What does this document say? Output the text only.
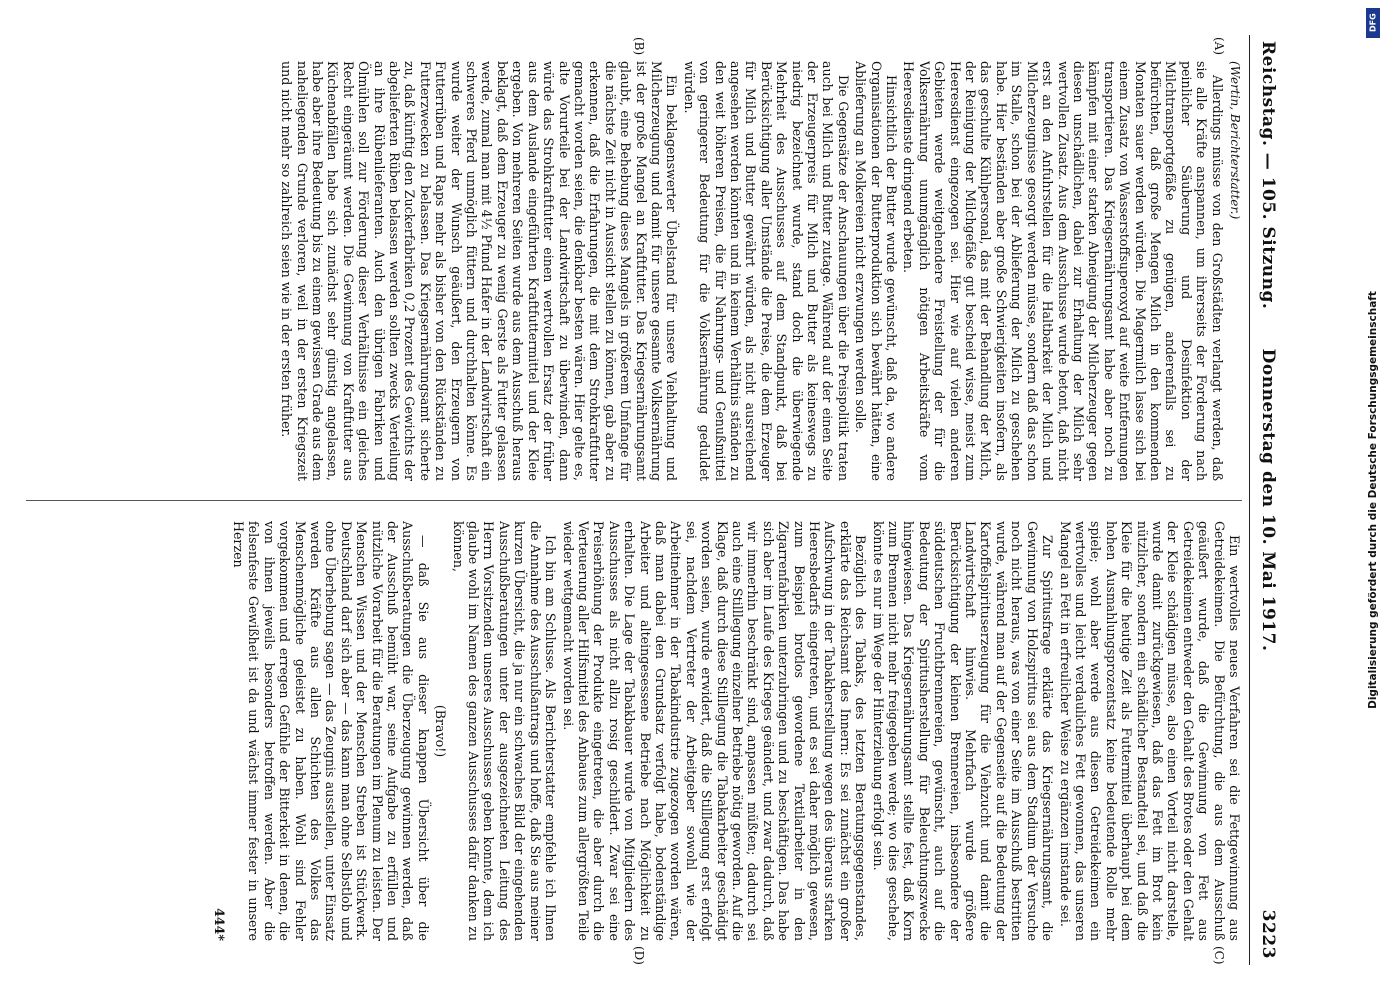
Reichstag. — 105. Sitzung.
Donnerstag den 10. Mai 1917.
3223
(A)
(B)
(C)
(D)

(Wertin, Berichterstatter.)

Allerdings müsse von den Großstädten verlangt werden, daß sie alle Kräfte anspannen, um ihrerseits der Forderung nach peinlicher Säuberung und Desinfektion der Milchtransportgefäße zu genügen, anderenfalls sei zu befürchten, daß große Mengen Milch in den kommenden Monaten sauer werden würden. Die Magermilch lasse sich bei einem Zusatz von Wasserstoffsuperoxyd auf weite Entfernungen transportieren. Das Kriegsernährungsamt habe aber noch zu kämpfen mit einer starken Abneigung der Milcherzeuger gegen diesen unschädlichen, dabei zur Erhaltung der Milch sehr wertvollen Zusatz. Aus dem Ausschusse wurde betont, daß nicht erst an den Anfuhrstellen für die Haltbarkeit der Milch und Milcherzeugnisse gesorgt werden müsse, sondern daß das schon im Stalle, schon bei der Ablieferung der Milch zu geschehen habe. Hier beständen aber große Schwierigkeiten insofern, als das geschulte Kühlpersonal, das mit der Behandlung der Milch, der Reinigung der Milchgefäße gut bescheid wisse, meist zum Heeresdienst eingezogen sei. Hier wie auf vielen anderen Gebieten werde weitgehendere Freistellung der für die Volksernährung unumgänglich nötigen Arbeitskräfte vom Heeresdienste dringend erbeten.

Hinsichtlich der Butter wurde gewünscht, daß da, wo andere Organisationen der Butterproduktion sich bewährt hätten, eine Ablieferung an Molkereien nicht erzwungen werden solle.

Die Gegensätze der Anschauungen über die Preispolitik traten auch bei Milch und Butter zutage. Während auf der einen Seite der Erzeugerpreis für Milch und Butter als keineswegs zu niedrig bezeichnet wurde, stand doch die überwiegende Mehrheit des Ausschusses auf dem Standpunkt, daß bei Berücksichtigung aller Umstände die Preise, die dem Erzeuger für Milch und Butter gewährt würden, als nicht ausreichend angesehen werden könnten und in keinem Verhältnis ständen zu den weit höheren Preisen, die für Nahrungs- und Genußmittel von geringerer Bedeutung für die Volksernährung geduldet würden.

Ein beklagenswerter Übelstand für unsere Viehhaltung und Milcherzeugung und damit für unsere gesamte Volksernährung ist der große Mangel an Kraftfutter. Das Kriegsernährungsamt glaubt, eine Behebung dieses Mangels in größerem Umfange für die nächste Zeit nicht in Aussicht stellen zu können, gab aber zu erkennen, daß die Erfahrungen, die mit dem Strohkraftfutter gemacht worden seien, die denkbar besten wären. Hier gelte es, alte Vorurteile bei der Landwirtschaft zu überwinden, dann würde das Strohkraftfutter einen wertvollen Ersatz der früher aus dem Auslande eingeführten Kraftfuttermittel und der Kleie ergeben. Von mehreren Seiten wurde aus dem Ausschuß heraus beklagt, daß dem Erzeuger zu wenig Gerste als Futter gelassen werde, zumal man mit 4½ Pfund Hafer in der Landwirtschaft ein schweres Pferd unmöglich füttern und durchhalten könne. Es wurde weiter der Wunsch geäußert, den Erzeugern von Futterrüben und Raps mehr als bisher von den Rückständen zu Futterzwecken zu belassen. Das Kriegsernährungsamt sicherte zu, daß künftig den Zuckerfabriken 0,2 Prozent des Gewichts der abgelieferten Rüben belassen werden sollten zwecks Verteilung an ihre Rübenlieferanten. Auch den übrigen Fabriken und Ölmühlen soll zur Förderung dieser Verhältnisse ein gleiches Recht eingeräumt werden. Die Gewinnung von Kraftfutter aus Küchenabfällen habe sich zunächst sehr günstig angelassen, habe aber ihre Bedeutung bis zu einem gewissen Grade aus dem naheliegenden Grunde verloren, weil in der ersten Kriegszeit und nicht mehr so zahlreich seien wie in der ersten früher.

Ein wertvolles neues Verfahren sei die Fettgewinnung aus Getreidekeimen. Die Befürchtung, die aus dem Ausschuß geäußert wurde, daß die Gewinnung von Fett aus Getreidekeimen entweder den Gehalt des Brotes oder den Gehalt der Kleie schädigen müsse, also einen Vorteil nicht darstelle, wurde damit zurückgewiesen, daß das Fett im Brot kein nützlicher, sondern ein schädlicher Bestandteil sei, und daß die Kleie für die heutige Zeit als Futtermittel überhaupt bei dem hohen Ausmahlungsprozentsatz keine bedeutende Rolle mehr spiele; wohl aber werde aus diesen Getreidekeimen ein wertvolles und leicht verdauliches Fett gewonnen, das unseren Mangel an Fett in erfreulicher Weise zu ergänzen imstande sei.

Zur Spiritusfrage erklärte das Kriegsernährungsamt, die Gewinnung von Holzspiritus sei aus dem Stadium der Versuche noch nicht heraus, was von einer Seite im Ausschuß bestritten wurde, während man auf der Gegenseite auf die Bedeutung der Kartoffelspirituserzeugung für die Viehzucht und damit die Landwirtschaft hinwies. Mehrfach wurde größere Berücksichtigung der kleinen Brennereien, insbesondere der süddeutschen Fruchtbrennereien, gewünscht, auch auf die Bedeutung der Spiritusherstellung für Beleuchtungszwecke hingewiesen. Das Kriegsernährungsamt stellte fest, daß Korn zum Brennen nicht mehr freigegeben werde; wo dies geschehe, könnte es nur im Wege der Hinterziehung erfolgt sein.

Bezüglich des Tabaks, des letzten Beratungsgegenstandes, erklärte das Reichsamt des Innern: Es sei zunächst ein großer Aufschwung in der Tabakherstellung wegen des überaus starken Heeresbedarfs eingetreten, und es sei daher möglich gewesen, zum Beispiel brotlos gewordene Textilarbeiter in den Zigarrenfabriken unterzubringen und zu beschäftigen. Das habe sich aber im Laufe des Krieges geändert, und zwar dadurch, daß wir immerhin beschränkt sind, anpassen müßten; dadurch sei auch eine Stilllegung einzelner Betriebe nötig geworden. Auf die Klage, daß durch diese Stilllegung die Tabakarbeiter geschädigt worden seien, wurde erwidert, daß die Stilllegung erst erfolgt sei, nachdem Vertreter der Arbeitgeber sowohl wie der Arbeitnehmer in der Tabakindustrie zugezogen worden wären, daß man dabei den Grundsatz verfolgt habe, bodenständige Arbeiter und alteingesessene Betriebe nach Möglichkeit zu erhalten. Die Lage der Tabakbauer wurde von Mitgliedern des Ausschusses als nicht allzu rosig geschildert. Zwar sei eine Preiserhöhung der Produkte eingetreten, die aber durch die Verteuerung aller Hilfsmittel des Anbaues zum allergrößten Teile wieder wettgemacht worden sei.

Ich bin am Schlusse. Als Berichterstatter empfehle ich Ihnen die Annahme des Ausschußantrags und hoffe, daß Sie aus meiner kurzen Übersicht, die ja nur ein schwaches Bild der eingehenden Ausschußberatungen unter der ausgezeichneten Leitung des Herrn Vorsitzenden unseres Ausschusses geben konnte, dem ich glaube wohl im Namen des ganzen Ausschusses dafür danken zu können,

(Bravo!)

— daß Sie aus dieser knappen Übersicht über die Ausschußberatungen die Überzeugung gewinnen werden, daß der Ausschuß bemüht war, seine Aufgabe zu erfüllen und nützliche Vorarbeit für die Beratungen im Plenum zu leisten. Der Menschen Wissen und der Menschen Streben ist Stückwerk. Deutschland darf sich aber — das kann man ohne Selbstlob und ohne Überhebung sagen — das Zeugnis ausstellen, unter Einsatz werden Kräfte aus allen Schichten des Volkes das Menschenmögliche geleistet zu haben. Wohl sind Fehler vorgekommen und erregen Gefühle der Bitterkeit in denen, die von ihnen jeweils besonders betroffen werden. Aber die felsenfeste Gewißheit ist da und wächst immer fester in unsere Herzen

444*
DFG
Digitalisierung gefördert durch die Deutsche Forschungsgemeinschaft
